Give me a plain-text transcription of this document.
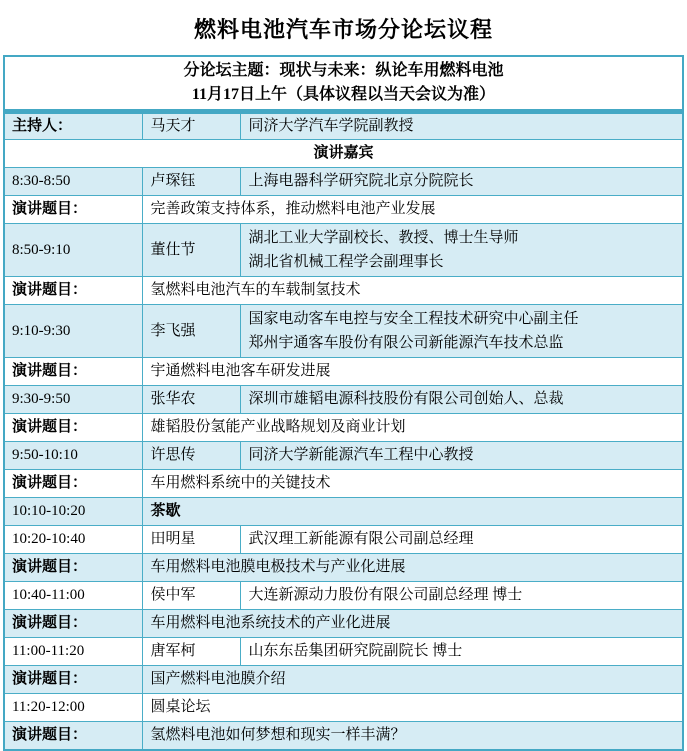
燃料电池汽车市场分论坛议程
分论坛主题：现状与未来：纵论车用燃料电池
11月17日上午（具体议程以当天会议为准）		

主持人：	马天才	同济大学汽车学院副教授
演讲嘉宾		
8:30-8:50	卢琛钰	上海电器科学研究院北京分院院长
演讲题目：	完善政策支持体系，推动燃料电池产业发展	
8:50-9:10	董仕节	湖北工业大学副校长、教授、博士生导师
湖北省机械工程学会副理事长

演讲题目：	氢燃料电池汽车的车载制氢技术	
9:10-9:30	李飞强	国家电动客车电控与安全工程技术研究中心副主任
郑州宇通客车股份有限公司新能源汽车技术总监

演讲题目：	宇通燃料电池客车研发进展	
9:30-9:50	张华农	深圳市雄韬电源科技股份有限公司创始人、总裁
演讲题目：	雄韬股份氢能产业战略规划及商业计划	
9:50-10:10	许思传	同济大学新能源汽车工程中心教授
演讲题目：	车用燃料系统中的关键技术	
10:10-10:20	茶歇	
10:20-10:40	田明星	武汉理工新能源有限公司副总经理
演讲题目：	车用燃料电池膜电极技术与产业化进展	
10:40-11:00	侯中军	大连新源动力股份有限公司副总经理 博士
演讲题目：	车用燃料电池系统技术的产业化进展	
11:00-11:20	唐军柯	山东东岳集团研究院副院长 博士
演讲题目：	国产燃料电池膜介绍	
11:20-12:00	圆桌论坛	
演讲题目：	氢燃料电池如何梦想和现实一样丰满？	
